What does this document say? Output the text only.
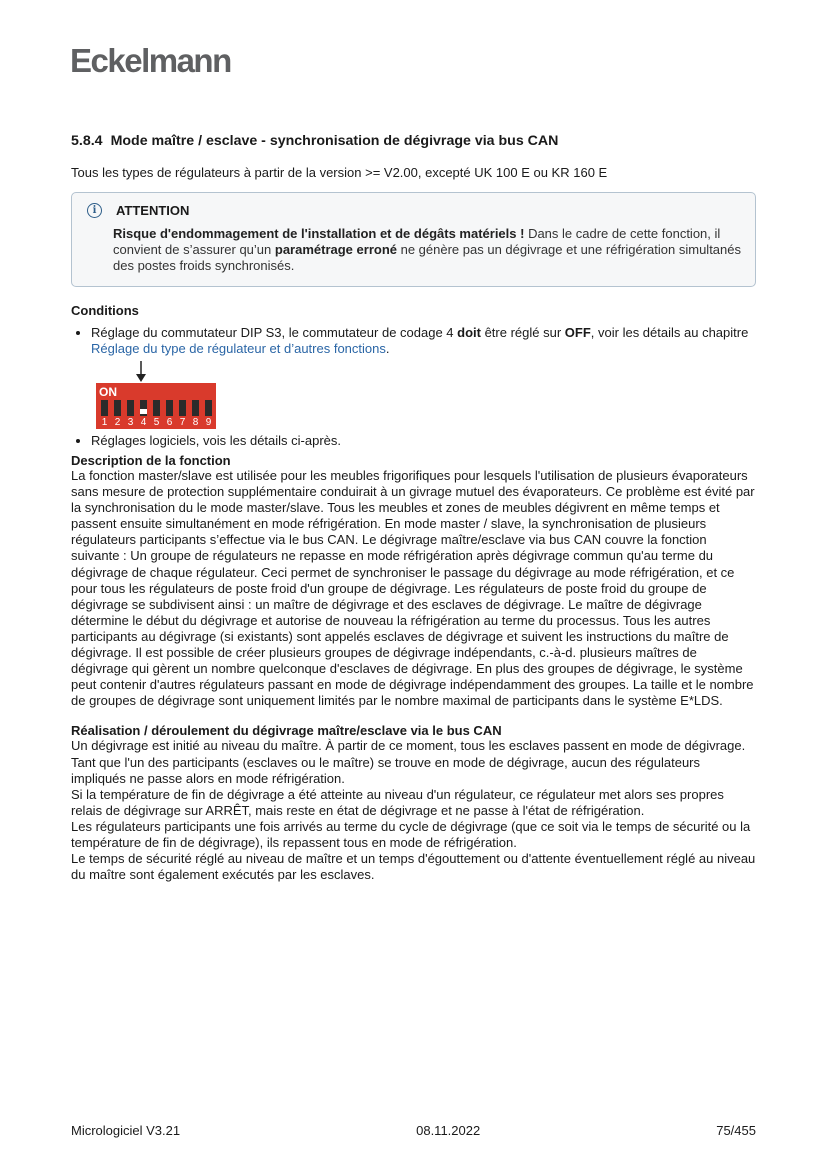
Eckelmann
5.8.4 Mode maître / esclave - synchronisation de dégivrage via bus CAN

Tous les types de régulateurs à partir de la version >= V2.00, excepté UK 100 E ou KR 160 E

i	ATTENTION
Risque d'endommagement de l'installation et de dégâts matériels ! Dans le cadre de cette fonction, il convient de s’assurer qu’un paramétrage erroné ne génère pas un dégivrage et une réfrigération simultanés des postes froids synchronisés.
Conditions
• Réglage du commutateur DIP S3, le commutateur de codage 4 doit être réglé sur OFF, voir les détails au chapitre Réglage du type de régulateur et d’autres fonctions.
ON
1 2 3 4 5 6 7 8 9
• Réglages logiciels, vois les détails ci-après.
Description de la fonction

La fonction master/slave est utilisée pour les meubles frigorifiques pour lesquels l'utilisation de plusieurs évaporateurs sans mesure de protection supplémentaire conduirait à un givrage mutuel des évaporateurs. Ce problème est évité par la synchronisation du le mode master/slave. Tous les meubles et zones de meubles dégivrent en même temps et passent ensuite simultanément en mode réfrigération. En mode master / slave, la synchronisation de plusieurs régulateurs participants s’effectue via le bus CAN. Le dégivrage maître/esclave via bus CAN couvre la fonction suivante : Un groupe de régulateurs ne repasse en mode réfrigération après dégivrage commun qu'au terme du dégivrage de chaque régulateur. Ceci permet de synchroniser le passage du dégivrage au mode réfrigération, et ce pour tous les régulateurs de poste froid d'un groupe de dégivrage. Les régulateurs de poste froid du groupe de dégivrage se subdivisent ainsi : un maître de dégivrage et des esclaves de dégivrage. Le maître de dégivrage détermine le début du dégivrage et autorise de nouveau la réfrigération au terme du processus. Tous les autres participants au dégivrage (si existants) sont appelés esclaves de dégivrage et suivent les instructions du maître de dégivrage. Il est possible de créer plusieurs groupes de dégivrage indépendants, c.-à-d. plusieurs maîtres de dégivrage qui gèrent un nombre quelconque d'esclaves de dégivrage. En plus des groupes de dégivrage, le système peut contenir d'autres régulateurs passant en mode de dégivrage indépendamment des groupes. La taille et le nombre de groupes de dégivrage sont uniquement limités par le nombre maximal de participants dans le système E*LDS.

Réalisation / déroulement du dégivrage maître/esclave via le bus CAN

Un dégivrage est initié au niveau du maître. À partir de ce moment, tous les esclaves passent en mode de dégivrage. Tant que l'un des participants (esclaves ou le maître) se trouve en mode de dégivrage, aucun des régulateurs impliqués ne passe alors en mode réfrigération.

Si la température de fin de dégivrage a été atteinte au niveau d'un régulateur, ce régulateur met alors ses propres relais de dégivrage sur ARRÊT, mais reste en état de dégivrage et ne passe à l'état de réfrigération.

Les régulateurs participants une fois arrivés au terme du cycle de dégivrage (que ce soit via le temps de sécurité ou la température de fin de dégivrage), ils repassent tous en mode de réfrigération.

Le temps de sécurité réglé au niveau de maître et un temps d'égouttement ou d'attente éventuellement réglé au niveau du maître sont également exécutés par les esclaves.

Micrologiciel V3.21	08.11.2022	75/455
